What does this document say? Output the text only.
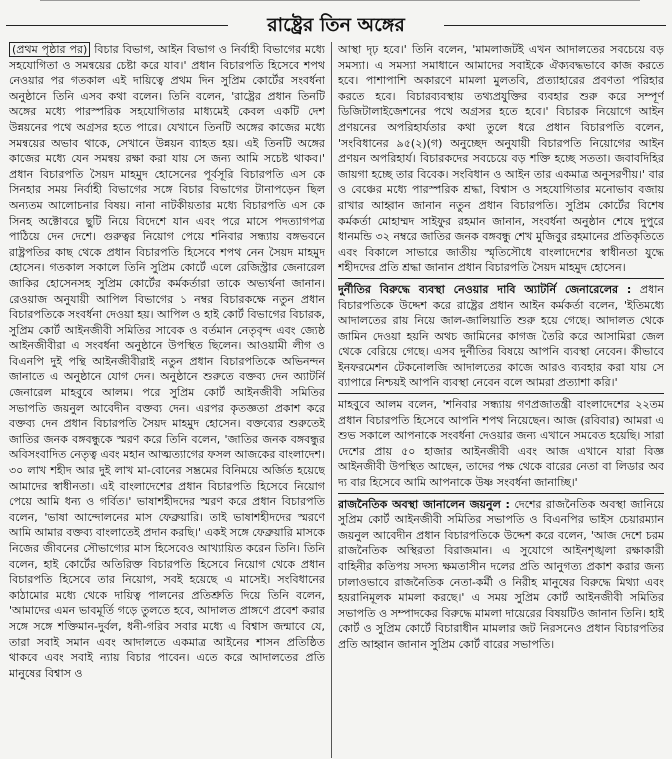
রাষ্ট্রের তিন অঙ্গের

(প্রথম পৃষ্ঠার পর) বিচার বিভাগ, আইন বিভাগ ও নির্বাহী বিভাগের মধ্যে সহযোগিতা ও সমন্বয়ের চেষ্টা করে যাব।' প্রধান বিচারপতি হিসেবে শপথ নেওয়ার পর গতকাল এই দায়িত্বে প্রথম দিন সুপ্রিম কোর্টের সংবর্ধনা অনুষ্ঠানে তিনি এসব কথা বলেন। তিনি বলেন, 'রাষ্ট্রের প্রধান তিনটি অঙ্গের মধ্যে পারস্পরিক সহযোগিতার মাধ্যমেই কেবল একটি দেশ উন্নয়নের পথে অগ্রসর হতে পারে। যেখানে তিনটি অঙ্গের কাজের মধ্যে সমন্বয়ের অভাব থাকে, সেখানে উন্নয়ন ব্যাহত হয়। এই তিনটি অঙ্গের কাজের মধ্যে যেন সমন্বয় রক্ষা করা যায় সে জন্য আমি সচেষ্ট থাকব।' প্রধান বিচারপতি সৈয়দ মাহমুদ হোসেনের পূর্বসূরি বিচারপতি এস কে সিনহার সময় নির্বাহী বিভাগের সঙ্গে বিচার বিভাগের টানাপড়েন ছিল অন্যতম আলোচনার বিষয়। নানা নাটকীয়তার মধ্যে বিচারপতি এস কে সিনহ অক্টোবরে ছুটি নিয়ে বিদেশে যান এবং পরে মাসে পদত্যাগপত্র পাঠিয়ে দেন দেশে। গুরুত্বর নিয়োগ পেয়ে শনিবার সন্ধ্যায় বঙ্গভবনে রাষ্ট্রপতির কাছ থেকে প্রধান বিচারপতি হিসেবে শপথ নেন সৈয়দ মাহমুদ হোসেন। গতকাল সকালে তিনি সুপ্রিম কোর্টে এলে রেজিস্ট্রার জেনারেল জাকির হোসেনসহ সুপ্রিম কোর্টের কর্মকর্তারা তাকে অভ্যর্থনা জানান। রেওয়াজ অনুযায়ী আপিল বিভাগের ১ নম্বর বিচারকক্ষে নতুন প্রধান বিচারপতিকে সংবর্ধনা দেওয়া হয়। আপিল ও হাই কোর্ট বিভাগের বিচারক, সুপ্রিম কোর্ট আইনজীবী সমিতির সাবেক ও বর্তমান নেতৃবৃন্দ এবং জ্যেষ্ঠ আইনজীবীরা এ সংবর্ধনা অনুষ্ঠানে উপস্থিত ছিলেন। আওয়ামী লীগ ও বিএনপি দুই পন্থি আইনজীবীরাই নতুন প্রধান বিচারপতিকে অভিনন্দন জানাতে এ অনুষ্ঠানে যোগ দেন। অনুষ্ঠানে শুরুতে বক্তব্য দেন অ্যাটর্নি জেনারেল মাহবুবে আলম। পরে সুপ্রিম কোর্ট আইনজীবী সমিতির সভাপতি জয়নুল আবেদীন বক্তব্য দেন। এরপর কৃতজ্ঞতা প্রকাশ করে বক্তব্য দেন প্রধান বিচারপতি সৈয়দ মাহমুদ হোসেন। বক্তব্যের শুরুতেই জাতির জনক বঙ্গবন্ধুকে স্মরণ করে তিনি বলেন, 'জাতির জনক বঙ্গবন্ধুর অবিসংবাদিত নেতৃত্ব এবং মহান আত্মত্যাগের ফসল আজকের বাংলাদেশ। ৩০ লাখ শহীদ আর দুই লাখ মা-বোনের সম্ভ্রমের বিনিময়ে অর্জিত হয়েছে আমাদের স্বাধীনতা। এই বাংলাদেশের প্রধান বিচারপতি হিসেবে নিয়োগ পেয়ে আমি ধন্য ও গর্বিত।' ভাষাশহীদদের স্মরণ করে প্রধান বিচারপতি বলেন, 'ভাষা আন্দোলনের মাস ফেব্রুয়ারি। তাই ভাষাশহীদদের স্মরণে আমি আমার বক্তব্য বাংলাতেই প্রদান করছি।' একই সঙ্গে ফেব্রুয়ারি মাসকে নিজের জীবনের সৌভাগ্যের মাস হিসেবেও আখ্যায়িত করেন তিনি। তিনি বলেন, হাই কোর্টের অতিরিক্ত বিচারপতি হিসেবে নিয়োগ থেকে প্রধান বিচারপতি হিসেবে তার নিয়োগ, সবই হয়েছে এ মাসেই। সংবিধানের কাঠামোর মধ্যে থেকে দায়িত্ব পালনের প্রতিশ্রুতি দিয়ে তিনি বলেন, 'আমাদের এমন ভাবমূর্তি গড়ে তুলতে হবে, আদালত প্রাঙ্গণে প্রবেশ করার সঙ্গে সঙ্গে শক্তিমান-দুর্বল, ধনী-গরিব সবার মধ্যে এ বিশ্বাস জন্মাবে যে, তারা সবাই সমান এবং আদালতে একমাত্র আইনের শাসন প্রতিষ্ঠিত থাকবে এবং সবাই ন্যায় বিচার পাবেন। এতে করে আদালতের প্রতি মানুষের বিশ্বাস ও

আস্থা দৃঢ় হবে।' তিনি বলেন, 'মামলাজটই এখন আদালতের সবচেয়ে বড় সমস্যা। এ সমস্যা সমাধানে আমাদের সবাইকে ঐক্যবদ্ধভাবে কাজ করতে হবে। পাশাপাশি অকারণে মামলা মুলতবি, প্রত্যাহারের প্রবণতা পরিহার করতে হবে। বিচারব্যবস্থায় তথ্যপ্রযুক্তির ব্যবহার শুরু করে সম্পূর্ণ ডিজিটালাইজেশনের পথে অগ্রসর হতে হবে।' বিচারক নিয়োগে আইন প্রণয়নের অপরিহার্যতার কথা তুলে ধরে প্রধান বিচারপতি বলেন, 'সংবিধানের ৯৫(২)(গ) অনুচ্ছেদ অনুযায়ী বিচারপতি নিয়োগের আইন প্রণয়ন অপরিহার্য। বিচারকদের সবচেয়ে বড় শক্তি হচ্ছে সততা। জবাবদিহির জায়গা হচ্ছে তার বিবেক। সংবিধান ও আইন তার একমাত্র অনুসরণীয়।' বার ও বেঞ্চের মধ্যে পারস্পরিক শ্রদ্ধা, বিশ্বাস ও সহযোগিতার মনোভাব বজায় রাখার আহ্বান জানান নতুন প্রধান বিচারপতি। সুপ্রিম কোর্টের বিশেষ কর্মকর্তা মোহাম্মদ সাইফুর রহমান জানান, সংবর্ধনা অনুষ্ঠান শেষে দুপুরে ধানমন্ডি ৩২ নম্বরে জাতির জনক বঙ্গবন্ধু শেখ মুজিবুর রহমানের প্রতিকৃতিতে এবং বিকালে সাভারে জাতীয় স্মৃতিসৌধে বাংলাদেশের স্বাধীনতা যুদ্ধে শহীদদের প্রতি শ্রদ্ধা জানান প্রধান বিচারপতি সৈয়দ মাহমুদ হোসেন।

দুর্নীতির বিরুদ্ধে ব্যবস্থা নেওয়ার দাবি অ্যাটর্নি জেনারেলের : প্রধান বিচারপতিকে উদ্দেশ করে রাষ্ট্রের প্রধান আইন কর্মকর্তা বলেন, 'ইতিমধ্যে আদালতের রায় নিয়ে জাল-জালিয়াতি শুরু হয়ে গেছে। আদালত থেকে জামিন দেওয়া হয়নি অথচ জামিনের কাগজ তৈরি করে আসামিরা জেল থেকে বেরিয়ে গেছে। এসব দুর্নীতির বিষয়ে আপনি ব্যবস্থা নেবেন। কীভাবে ইনফরমেশন টেকনোলজি আদালতের কাজে আরও ব্যবহার করা যায় সে ব্যাপারে নিশ্চয়ই আপনি ব্যবস্থা নেবেন বলে আমরা প্রত্যাশা করি।'

মাহবুবে আলম বলেন, 'শনিবার সন্ধ্যায় গণপ্রজাতন্ত্রী বাংলাদেশের ২২তম প্রধান বিচারপতি হিসেবে আপনি শপথ নিয়েছেন। আজ (রবিবার) আমরা এ শুভ সকালে আপনাকে সংবর্ধনা দেওয়ার জন্য এখানে সমবেত হয়েছি। সারা দেশের প্রায় ৫০ হাজার আইনজীবী এবং আজ এখানে যারা বিজ্ঞ আইনজীবী উপস্থিত আছেন, তাদের পক্ষ থেকে বারের নেতা বা লিডার অব দ্য বার হিসেবে আমি আপনাকে উষ্ণ সংবর্ধনা জানাচ্ছি।'

রাজনৈতিক অবস্থা জানালেন জয়নুল : দেশের রাজনৈতিক অবস্থা জানিয়ে সুপ্রিম কোর্ট আইনজীবী সমিতির সভাপতি ও বিএনপির ভাইস চেয়ারম্যান জয়নুল আবেদীন প্রধান বিচারপতিকে উদ্দেশ করে বলেন, 'আজ দেশে চরম রাজনৈতিক অস্থিরতা বিরাজমান। এ সুযোগে আইনশৃঙ্খলা রক্ষাকারী বাহিনীর কতিপয় সদস্য ক্ষমতাসীন দলের প্রতি আনুগত্য প্রকাশ করার জন্য ঢালাওভাবে রাজনৈতিক নেতা-কর্মী ও নিরীহ মানুষের বিরুদ্ধে মিথ্যা এবং হয়রানিমূলক মামলা করছে।' এ সময় সুপ্রিম কোর্ট আইনজীবী সমিতির সভাপতি ও সম্পাদকের বিরুদ্ধে মামলা দায়েরের বিষয়টিও জানান তিনি। হাই কোর্ট ও সুপ্রিম কোর্টে বিচারাধীন মামলার জট নিরসনেও প্রধান বিচারপতির প্রতি আহ্বান জানান সুপ্রিম কোর্ট বারের সভাপতি।
